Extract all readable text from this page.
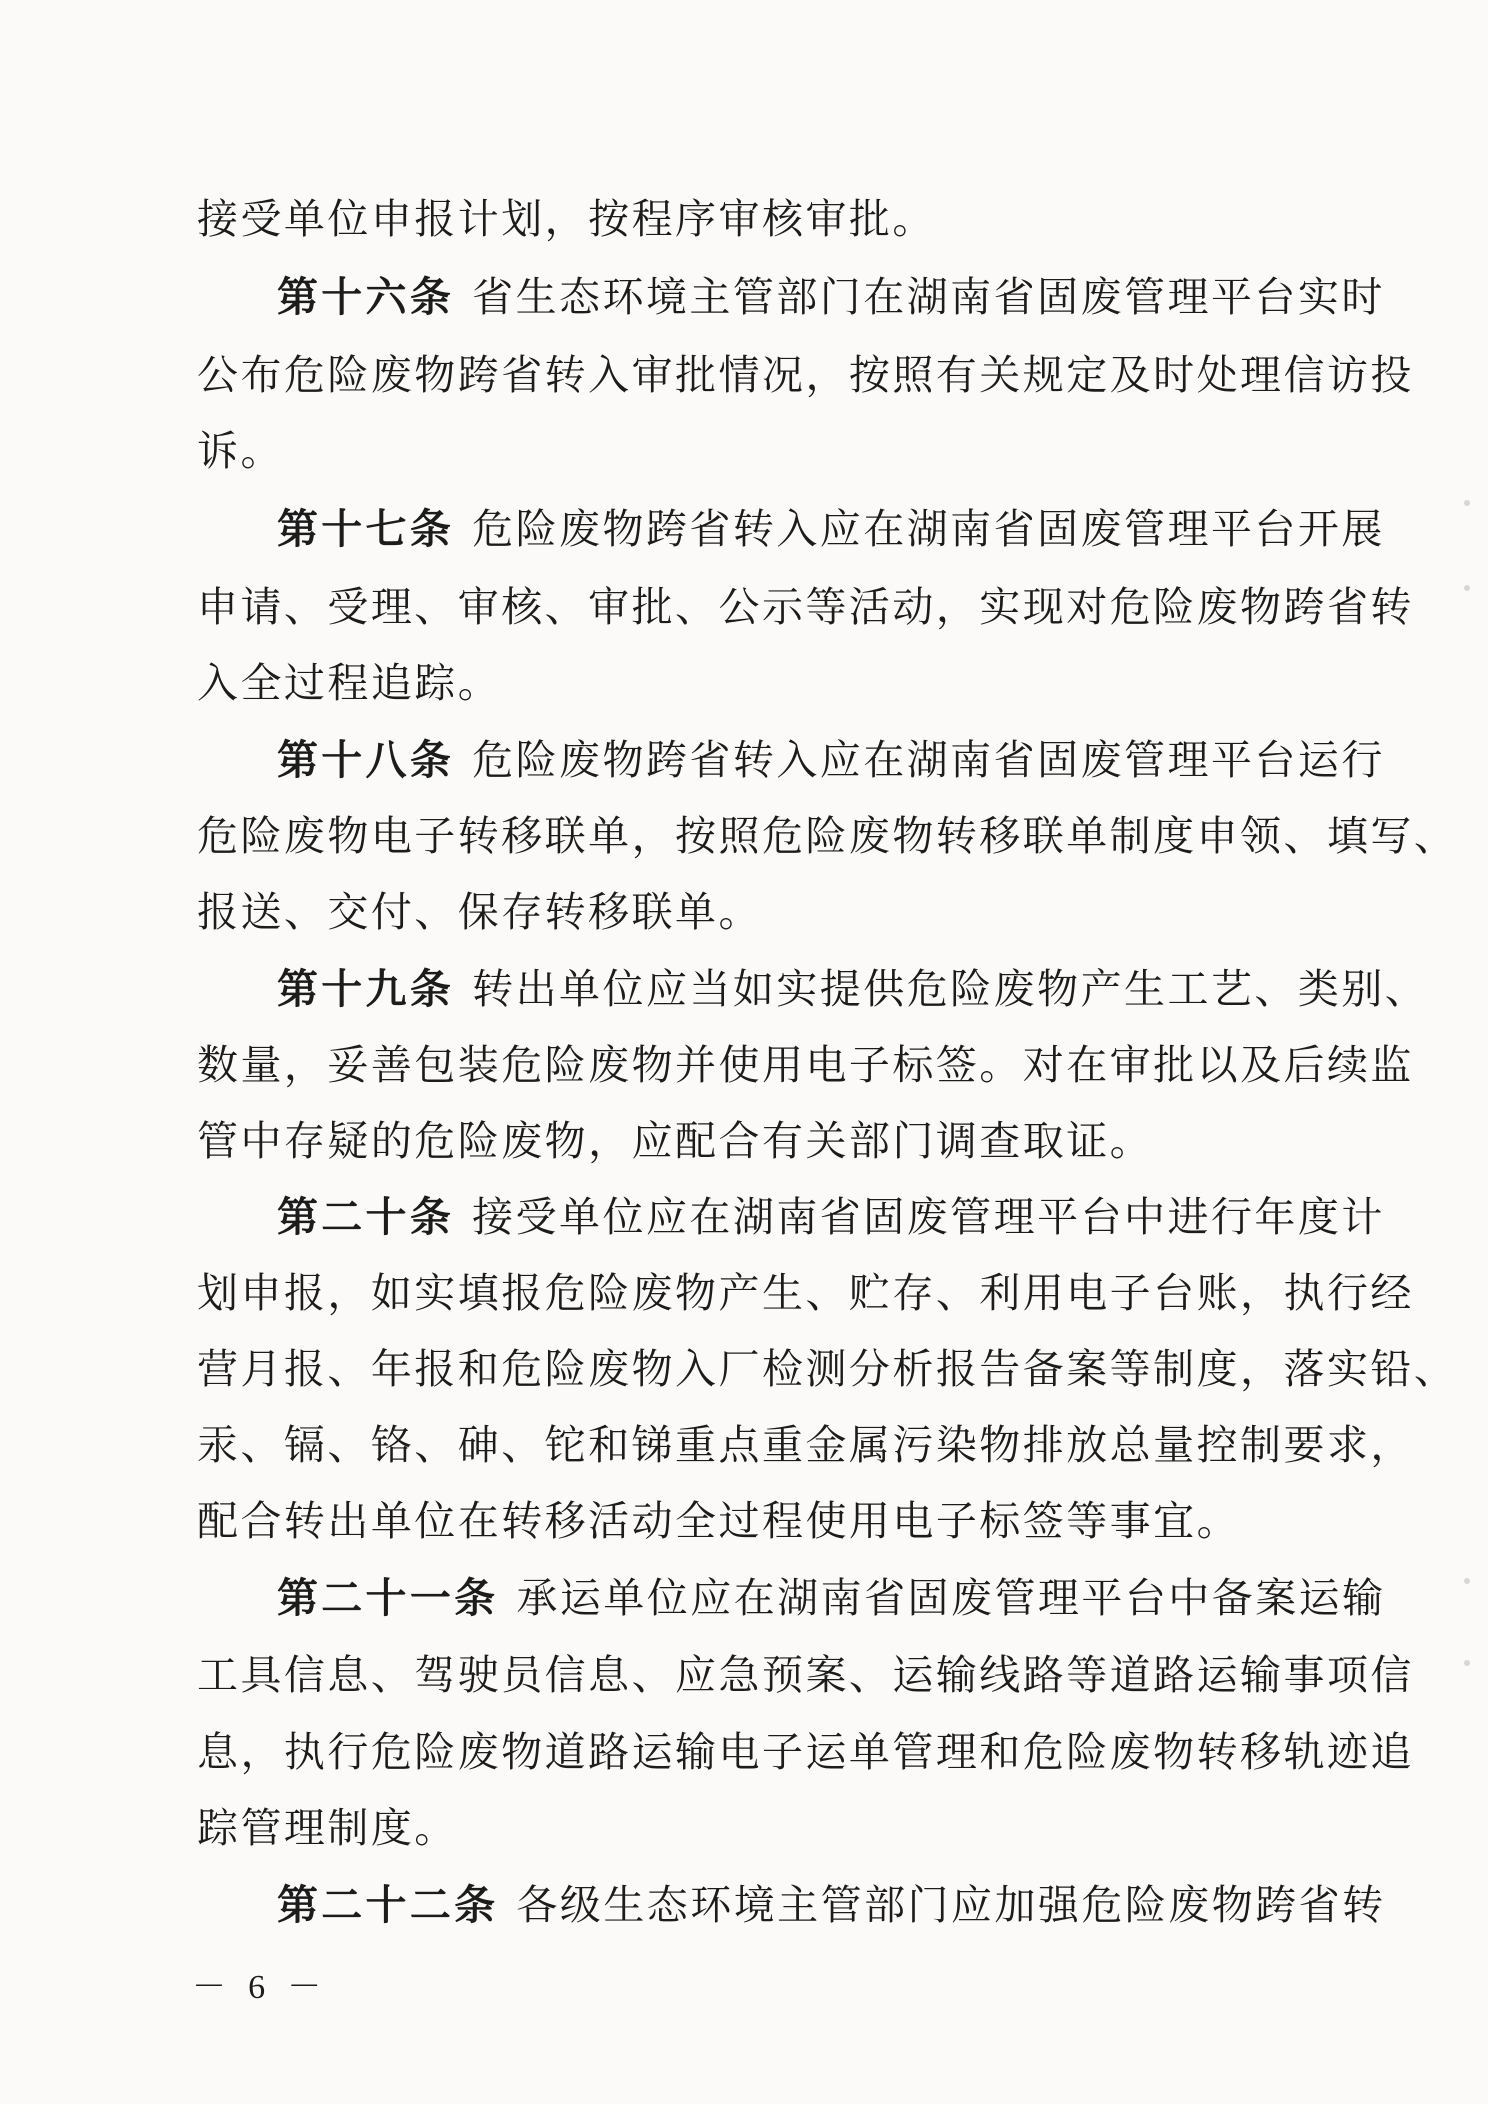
接受单位申报计划，按程序审核审批。
第十六条 省生态环境主管部门在湖南省固废管理平台实时
公布危险废物跨省转入审批情况，按照有关规定及时处理信访投
诉。
第十七条 危险废物跨省转入应在湖南省固废管理平台开展
申请、受理、审核、审批、公示等活动，实现对危险废物跨省转
入全过程追踪。
第十八条 危险废物跨省转入应在湖南省固废管理平台运行
危险废物电子转移联单，按照危险废物转移联单制度申领、填写、
报送、交付、保存转移联单。
第十九条 转出单位应当如实提供危险废物产生工艺、类别、
数量，妥善包装危险废物并使用电子标签。对在审批以及后续监
管中存疑的危险废物，应配合有关部门调查取证。
第二十条 接受单位应在湖南省固废管理平台中进行年度计
划申报，如实填报危险废物产生、贮存、利用电子台账，执行经
营月报、年报和危险废物入厂检测分析报告备案等制度，落实铅、
汞、镉、铬、砷、铊和锑重点重金属污染物排放总量控制要求，
配合转出单位在转移活动全过程使用电子标签等事宜。
第二十一条 承运单位应在湖南省固废管理平台中备案运输
工具信息、驾驶员信息、应急预案、运输线路等道路运输事项信
息，执行危险废物道路运输电子运单管理和危险废物转移轨迹追
踪管理制度。
第二十二条 各级生态环境主管部门应加强危险废物跨省转
－ 6 －
